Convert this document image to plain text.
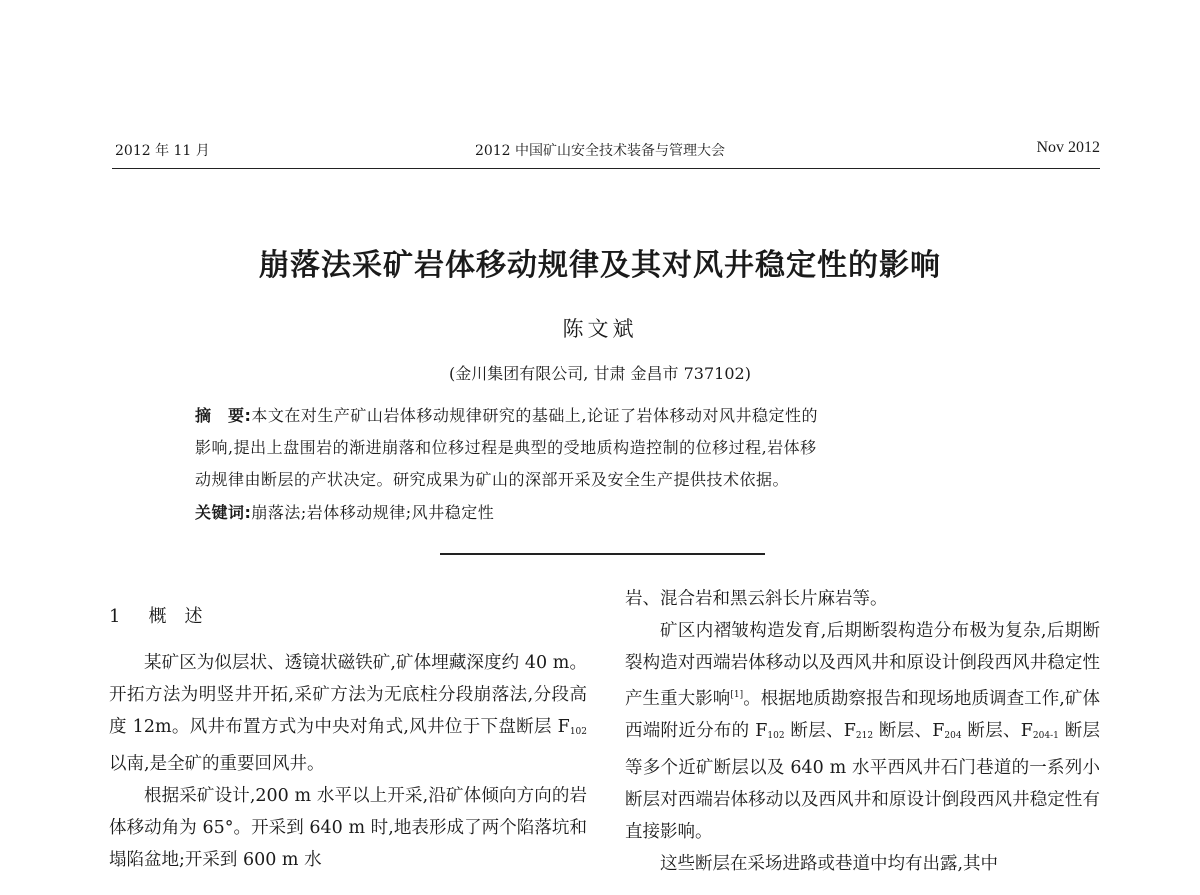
2012 年 11 月	2012 中国矿山安全技术装备与管理大会	Nov 2012
崩落法采矿岩体移动规律及其对风井稳定性的影响
陈文斌
(金川集团有限公司, 甘肃 金昌市 737102)
摘　要:本文在对生产矿山岩体移动规律研究的基础上,论证了岩体移动对风井稳定性的
影响,提出上盘围岩的渐进崩落和位移过程是典型的受地质构造控制的位移过程,岩体移
动规律由断层的产状决定。研究成果为矿山的深部开采及安全生产提供技术依据。
关键词:崩落法;岩体移动规律;风井稳定性
1 概　述

某矿区为似层状、透镜状磁铁矿,矿体埋藏深度约 40 m。开拓方法为明竖井开拓,采矿方法为无底柱分段崩落法,分段高度 12m。风井布置方式为中央对角式,风井位于下盘断层 $F_{102}$ 以南,是全矿的重要回风井。

根据采矿设计,200 m 水平以上开采,沿矿体倾向方向的岩体移动角为 65°。开采到 640 m 时,地表形成了两个陷落坑和塌陷盆地;开采到 600 m 水

岩、混合岩和黑云斜长片麻岩等。

矿区内褶皱构造发育,后期断裂构造分布极为复杂,后期断裂构造对西端岩体移动以及西风井和原设计倒段西风井稳定性产生重大影响[1]。根据地质勘察报告和现场地质调查工作,矿体西端附近分布的 $F_{102}$ 断层、$F_{212}$ 断层、$F_{204}$ 断层、$F_{204-1}$ 断层等多个近矿断层以及 640 m 水平西风井石门巷道的一系列小断层对西端岩体移动以及西风井和原设计倒段西风井稳定性有直接影响。

这些断层在采场进路或巷道中均有出露,其中
